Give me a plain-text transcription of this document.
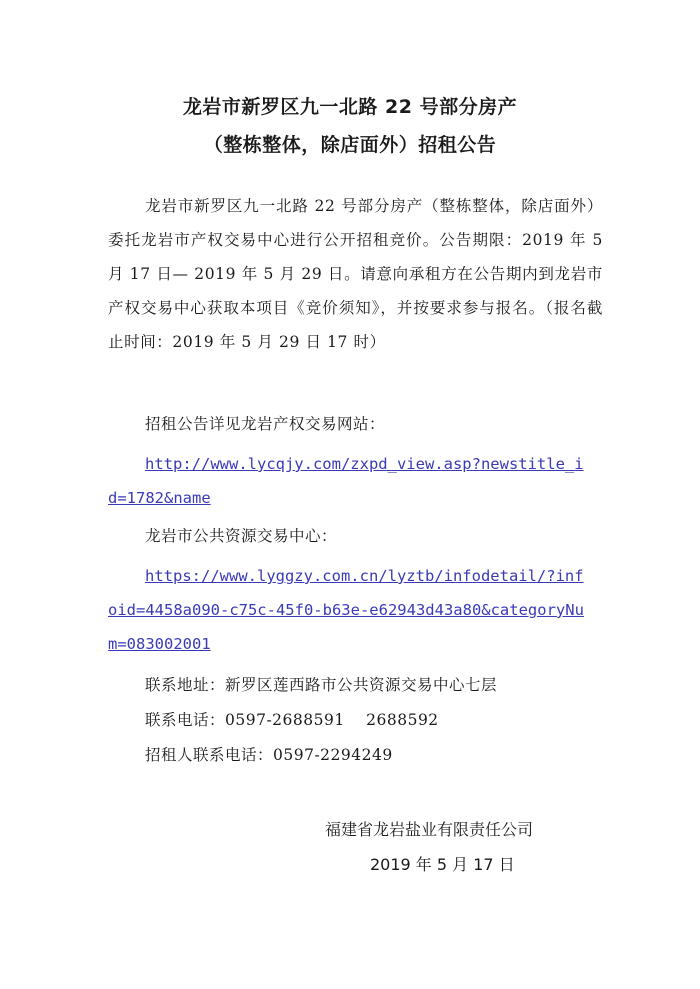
龙岩市新罗区九一北路 22 号部分房产
（整栋整体，除店面外）招租公告
龙岩市新罗区九一北路 22 号部分房产（整栋整体，除店面外）委托龙岩市产权交易中心进行公开招租竞价。公告期限：2019 年 5 月 17 日— 2019 年 5 月 29 日。请意向承租方在公告期内到龙岩市产权交易中心获取本项目《竞价须知》，并按要求参与报名。（报名截止时间：2019 年 5 月 29 日 17 时）
招租公告详见龙岩产权交易网站：
http://www.lycqjy.com/zxpd_view.asp?newstitle_id=1782&name
龙岩市公共资源交易中心：
https://www.lyggzy.com.cn/lyztb/infodetail/?infoid=4458a090-c75c-45f0-b63e-e62943d43a80&categoryNum=083002001
联系地址：新罗区莲西路市公共资源交易中心七层
联系电话：0597-2688591　 2688592
招租人联系电话：0597-2294249
福建省龙岩盐业有限责任公司
2019 年 5 月 17 日
